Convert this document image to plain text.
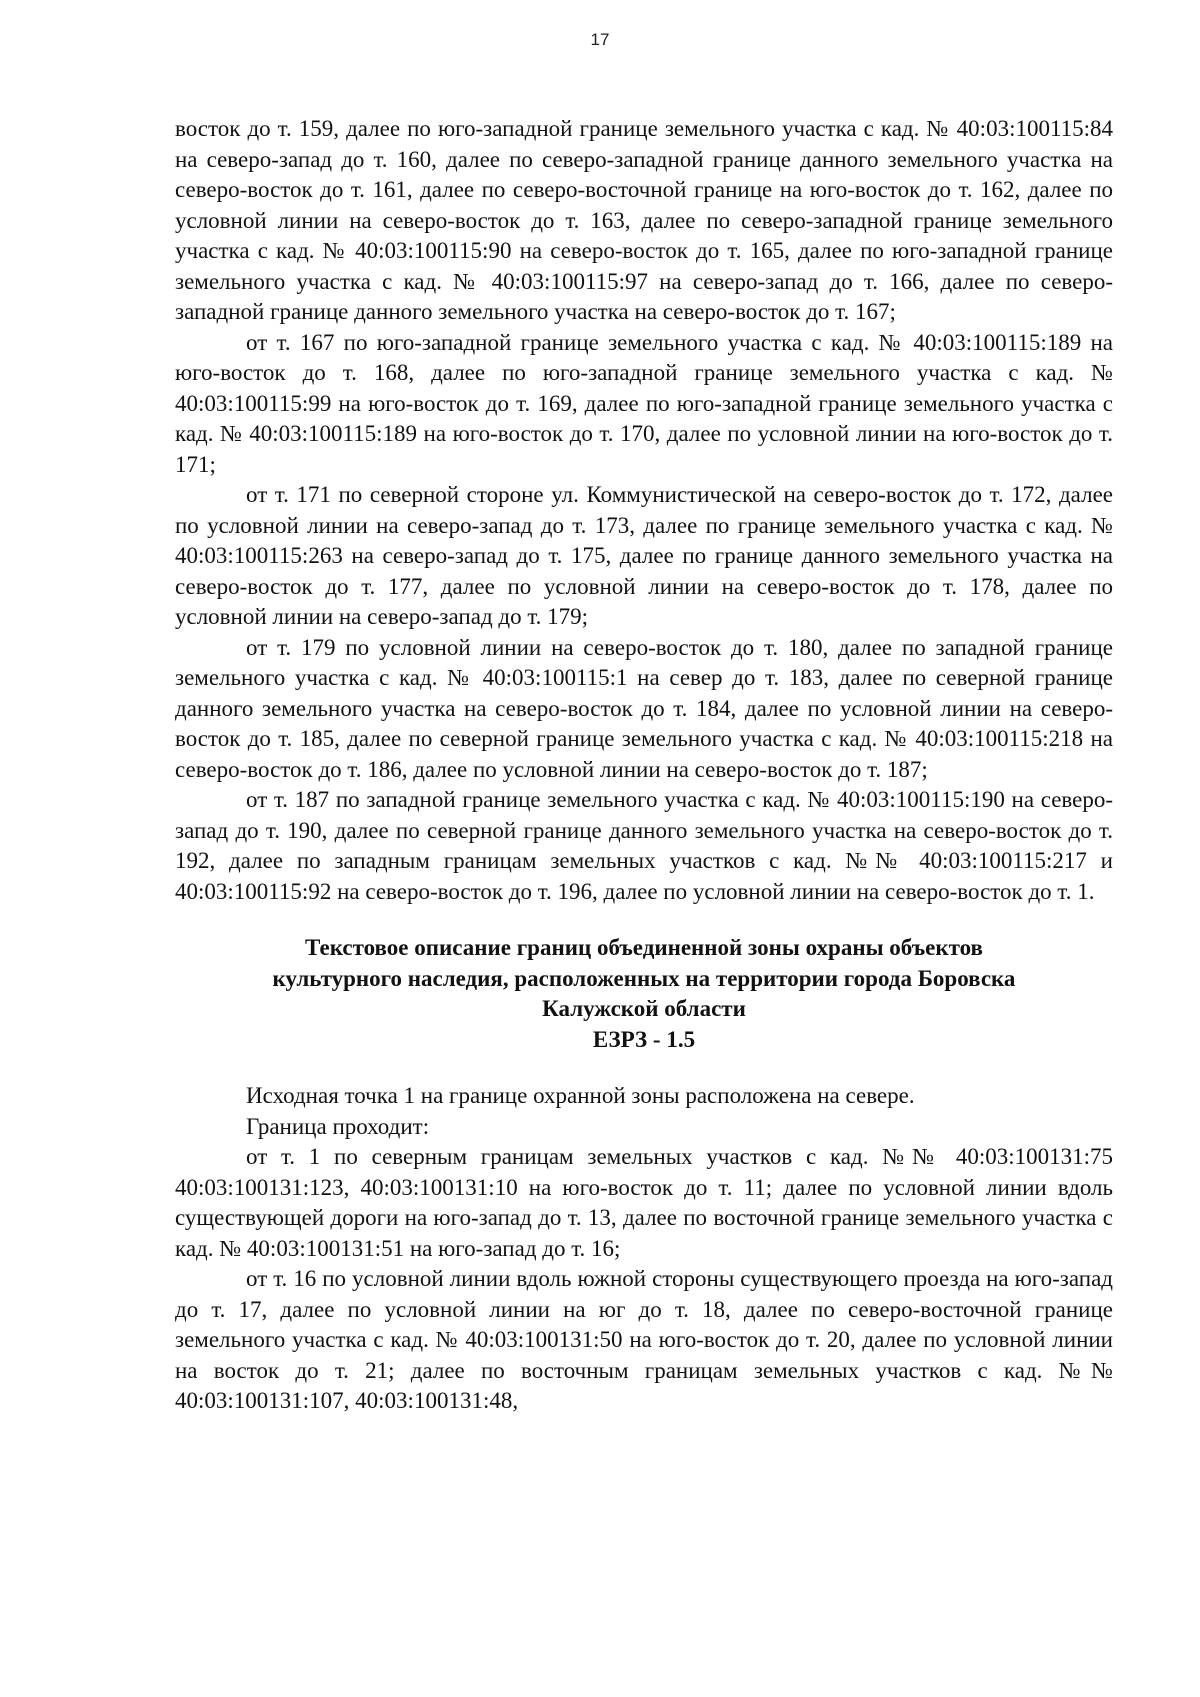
17

восток до т. 159, далее по юго-западной границе земельного участка с кад. № 40:03:100115:84 на северо-запад до т. 160, далее по северо-западной границе данного земельного участка на северо-восток до т. 161, далее по северо-восточной границе на юго-восток до т. 162, далее по условной линии на северо-восток до т. 163, далее по северо-западной границе земельного участка с кад. № 40:03:100115:90 на северо-восток до т. 165, далее по юго-западной границе земельного участка с кад. № 40:03:100115:97 на северо-запад до т. 166, далее по северо-западной границе данного земельного участка на северо-восток до т. 167;

от т. 167 по юго-западной границе земельного участка с кад. № 40:03:100115:189 на юго-восток до т. 168, далее по юго-западной границе земельного участка с кад. № 40:03:100115:99 на юго-восток до т. 169, далее по юго-западной границе земельного участка с кад. № 40:03:100115:189 на юго-восток до т. 170, далее по условной линии на юго-восток до т. 171;

от т. 171 по северной стороне ул. Коммунистической на северо-восток до т. 172, далее по условной линии на северо-запад до т. 173, далее по границе земельного участка с кад. № 40:03:100115:263 на северо-запад до т. 175, далее по границе данного земельного участка на северо-восток до т. 177, далее по условной линии на северо-восток до т. 178, далее по условной линии на северо-запад до т. 179;

от т. 179 по условной линии на северо-восток до т. 180, далее по западной границе земельного участка с кад. № 40:03:100115:1 на север до т. 183, далее по северной границе данного земельного участка на северо-восток до т. 184, далее по условной линии на северо-восток до т. 185, далее по северной границе земельного участка с кад. № 40:03:100115:218 на северо-восток до т. 186, далее по условной линии на северо-восток до т. 187;

от т. 187 по западной границе земельного участка с кад. № 40:03:100115:190 на северо-запад до т. 190, далее по северной границе данного земельного участка на северо-восток до т. 192, далее по западным границам земельных участков с кад. №№ 40:03:100115:217 и 40:03:100115:92 на северо-восток до т. 196, далее по условной линии на северо-восток до т. 1.

Текстовое описание границ объединенной зоны охраны объектов
культурного наследия, расположенных на территории города Боровска
Калужской области
ЕЗРЗ - 1.5

Исходная точка 1 на границе охранной зоны расположена на севере.

Граница проходит:

от т. 1 по северным границам земельных участков с кад. №№ 40:03:100131:75 40:03:100131:123, 40:03:100131:10 на юго-восток до т. 11; далее по условной линии вдоль существующей дороги на юго-запад до т. 13, далее по восточной границе земельного участка с кад. № 40:03:100131:51 на юго-запад до т. 16;

от т. 16 по условной линии вдоль южной стороны существующего проезда на юго-запад до т. 17, далее по условной линии на юг до т. 18, далее по северо-восточной границе земельного участка с кад. № 40:03:100131:50 на юго-восток до т. 20, далее по условной линии на восток до т. 21; далее по восточным границам земельных участков с кад. №№ 40:03:100131:107, 40:03:100131:48,
